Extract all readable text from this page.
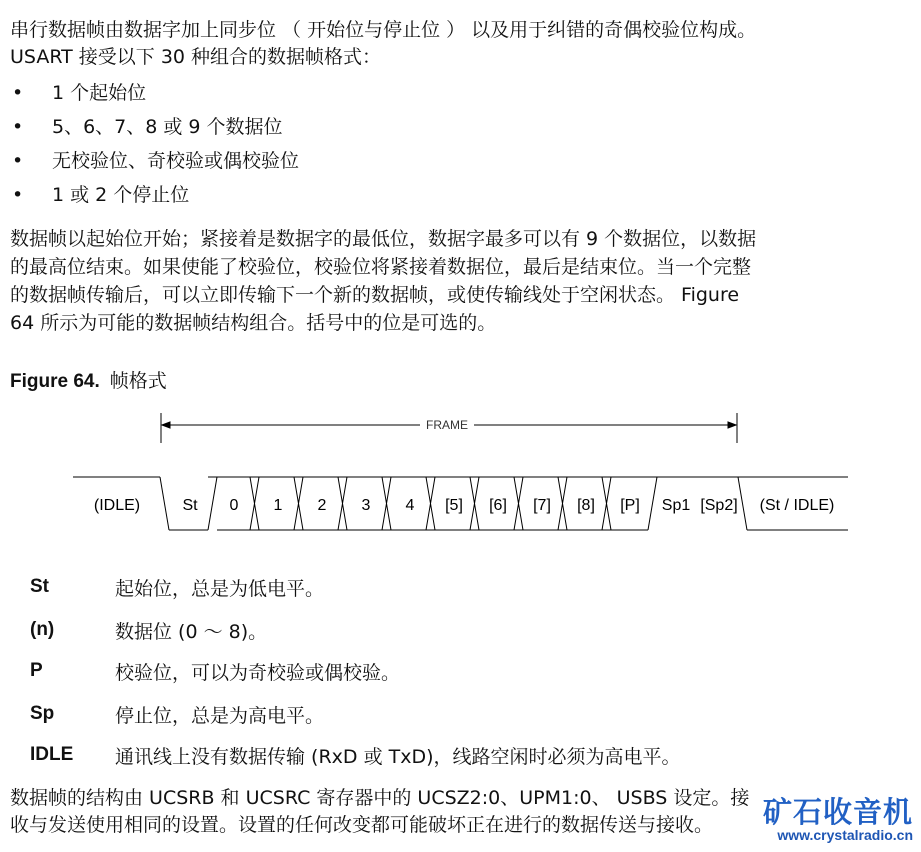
串行数据帧由数据字加上同步位 （ 开始位与停止位 ） 以及用于纠错的奇偶校验位构成。
USART 接受以下 30 种组合的数据帧格式：
• 1 个起始位
• 5、6、7、8 或 9 个数据位
• 无校验位、奇校验或偶校验位
• 1 或 2 个停止位
数据帧以起始位开始；紧接着是数据字的最低位，数据字最多可以有 9 个数据位，以数据
的最高位结束。如果使能了校验位，校验位将紧接着数据位，最后是结束位。当一个完整
的数据帧传输后，可以立即传输下一个新的数据帧，或使传输线处于空闲状态。 Figure
64 所示为可能的数据帧结构组合。括号中的位是可选的。
Figure 64. 帧格式
FRAME
(IDLE)	St 0 1 2 3 4 [5] [6] [7] [8] [P] Sp1 [Sp2] (St / IDLE)
St	起始位，总是为低电平。
(n)	数据位 (0 ～ 8)。
P	校验位，可以为奇校验或偶校验。
Sp	停止位，总是为高电平。
IDLE 通讯线上没有数据传输 (RxD 或 TxD)，线路空闲时必须为高电平。
数据帧的结构由 UCSRB 和 UCSRC 寄存器中的 UCSZ2:0、UPM1:0、 USBS 设定。接
收与发送使用相同的设置。设置的任何改变都可能破坏正在进行的数据传送与接收。	矿石收音机
www.crystalradio.cn
